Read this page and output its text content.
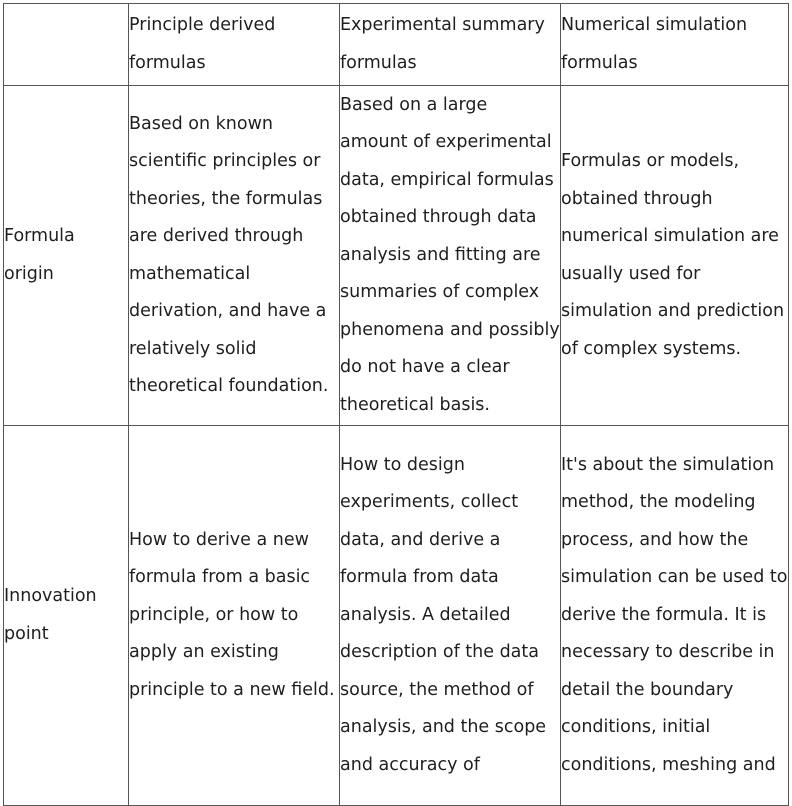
	Principle derived formulas	Experimental summary formulas	Numerical simulation formulas

Formula origin	Based on known scientific principles or theories, the formulas are derived through mathematical derivation, and have a relatively solid theoretical foundation.	Based on a large amount of experimental data, empirical formulas obtained through data analysis and fitting are summaries of complex phenomena and possibly do not have a clear theoretical basis.	Formulas or models, obtained through numerical simulation are usually used for simulation and prediction of complex systems.

Innovation point	How to derive a new formula from a basic principle, or how to apply an existing principle to a new field.	How to design experiments, collect data, and derive a formula from data analysis. A detailed description of the data source, the method of analysis, and the scope and accuracy of	It's about the simulation method, the modeling process, and how the simulation can be used to derive the formula. It is necessary to describe in detail the boundary conditions, initial conditions, meshing and
